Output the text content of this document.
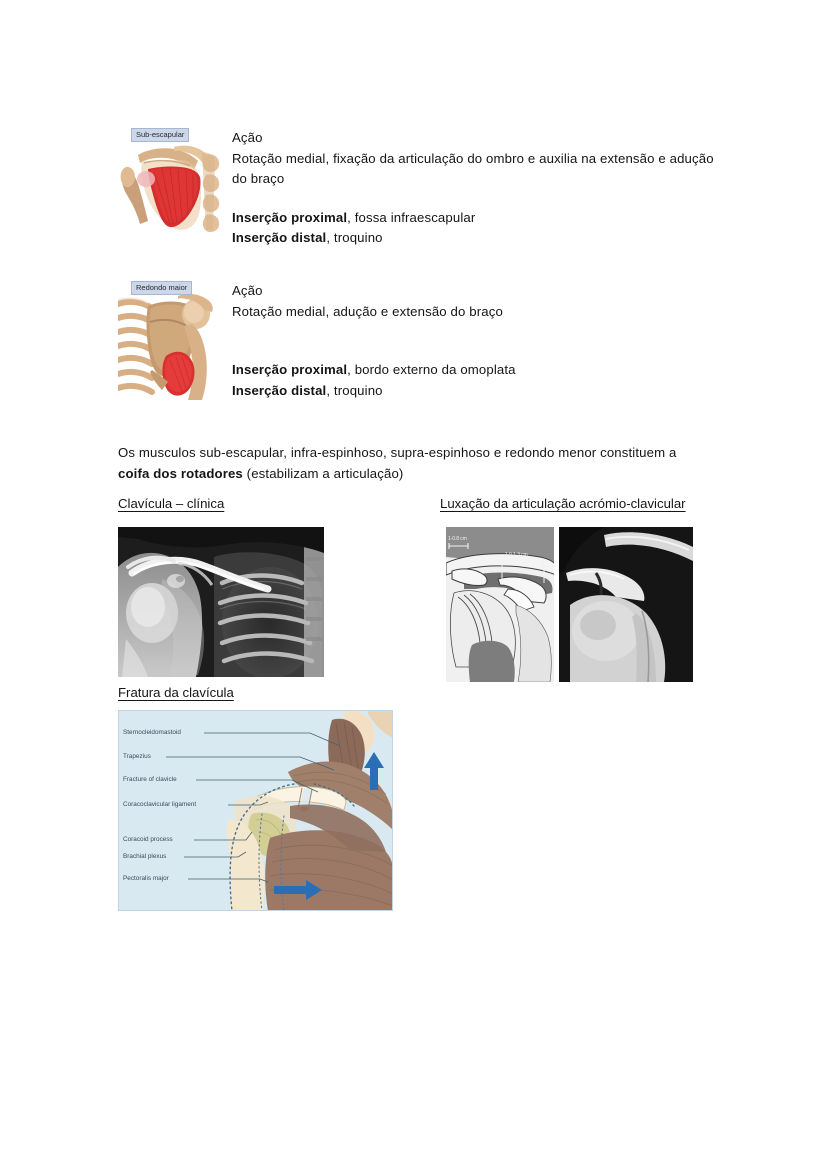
Sub-escapular	Ação
Rotação medial, fixação da articulação do ombro e auxilia na extensão e adução do braço
Inserção proximal, fossa infraescapular
Inserção distal, troquino
Redondo maior	Ação
Rotação medial, adução e extensão do braço
Inserção proximal, bordo externo da omoplata
Inserção distal, troquino
Os musculos sub-escapular, infra-espinhoso, supra-espinhoso e redondo menor constituem a
coifa dos rotadores (estabilizam a articulação)
Clavícula – clínica	Luxação da articulação acrómio-clavicular
1-0.8 cm
1.0-1.3 cm
Fratura da clavícula
Sternocleidomastoid
Trapezius
Fracture of clavicle
Coracoclavicular ligament
Coracoid process
Brachial plexus
Pectoralis major
